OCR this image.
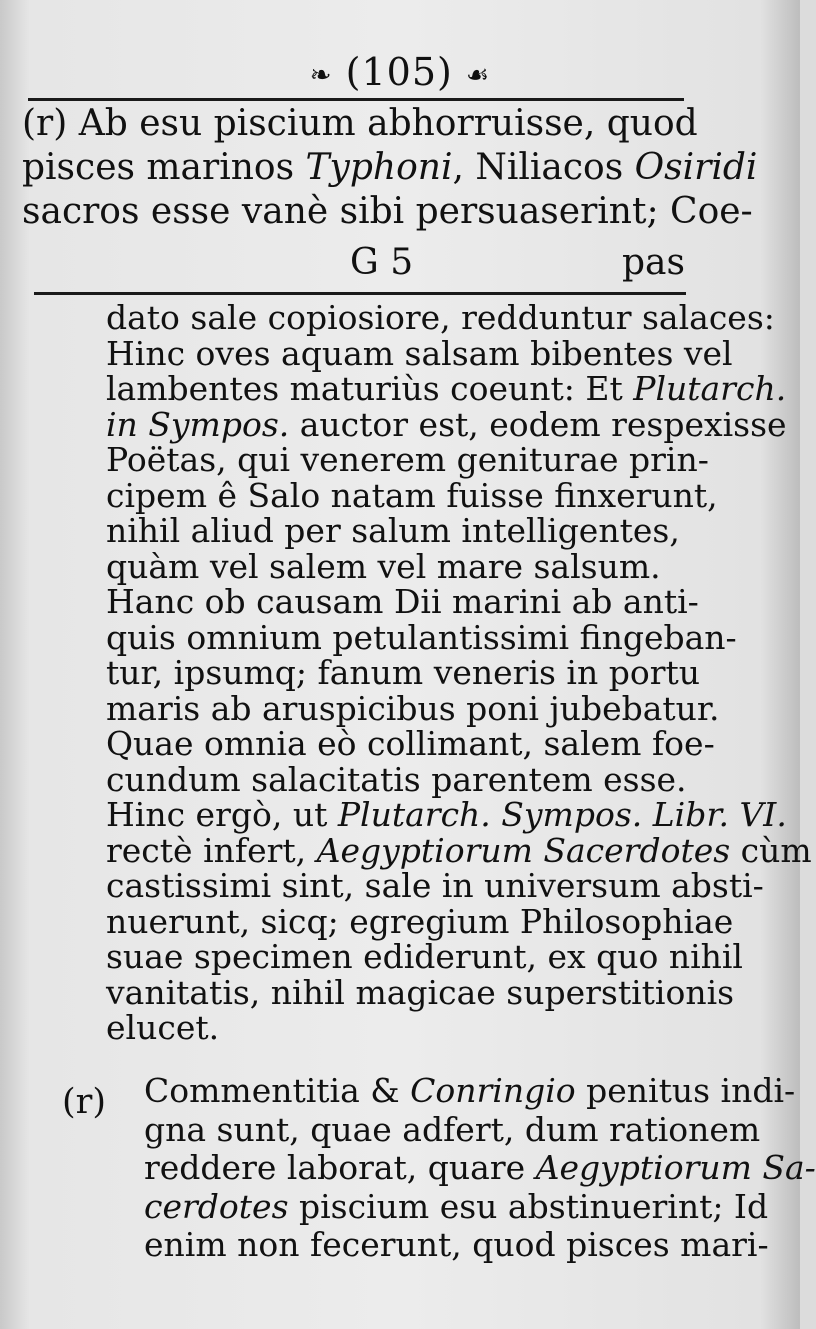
❧ (105) ☙
(r) Ab esu piscium abhorruisse, quod
pisces marinos Typhoni, Niliacos Osiridi
sacros esse vanè sibi persuaserint; Coe-
G 5	pas
dato sale copiosiore, redduntur salaces:
Hinc oves aquam salsam bibentes vel
lambentes maturiùs coeunt: Et Plutarch.
in Sympos. auctor est, eodem respexisse
Poëtas, qui venerem geniturae prin-
cipem ê Salo natam fuisse finxerunt,
nihil aliud per salum intelligentes,
quàm vel salem vel mare salsum.
Hanc ob causam Dii marini ab anti-
quis omnium petulantissimi fingeban-
tur, ipsumq; fanum veneris in portu
maris ab aruspicibus poni jubebatur.
Quae omnia eò collimant, salem foe-
cundum salacitatis parentem esse.
Hinc ergò, ut Plutarch. Sympos. Libr. VI.
rectè infert, Aegyptiorum Sacerdotes cùm
castissimi sint, sale in universum absti-
nuerunt, sicq; egregium Philosophiae
suae specimen ediderunt, ex quo nihil
vanitatis, nihil magicae superstitionis
elucet.
(r) Commentitia & Conringio penitus indi-
gna sunt, quae adfert, dum rationem
reddere laborat, quare Aegyptiorum Sa-
cerdotes piscium esu abstinuerint; Id
enim non fecerunt, quod pisces mari-
